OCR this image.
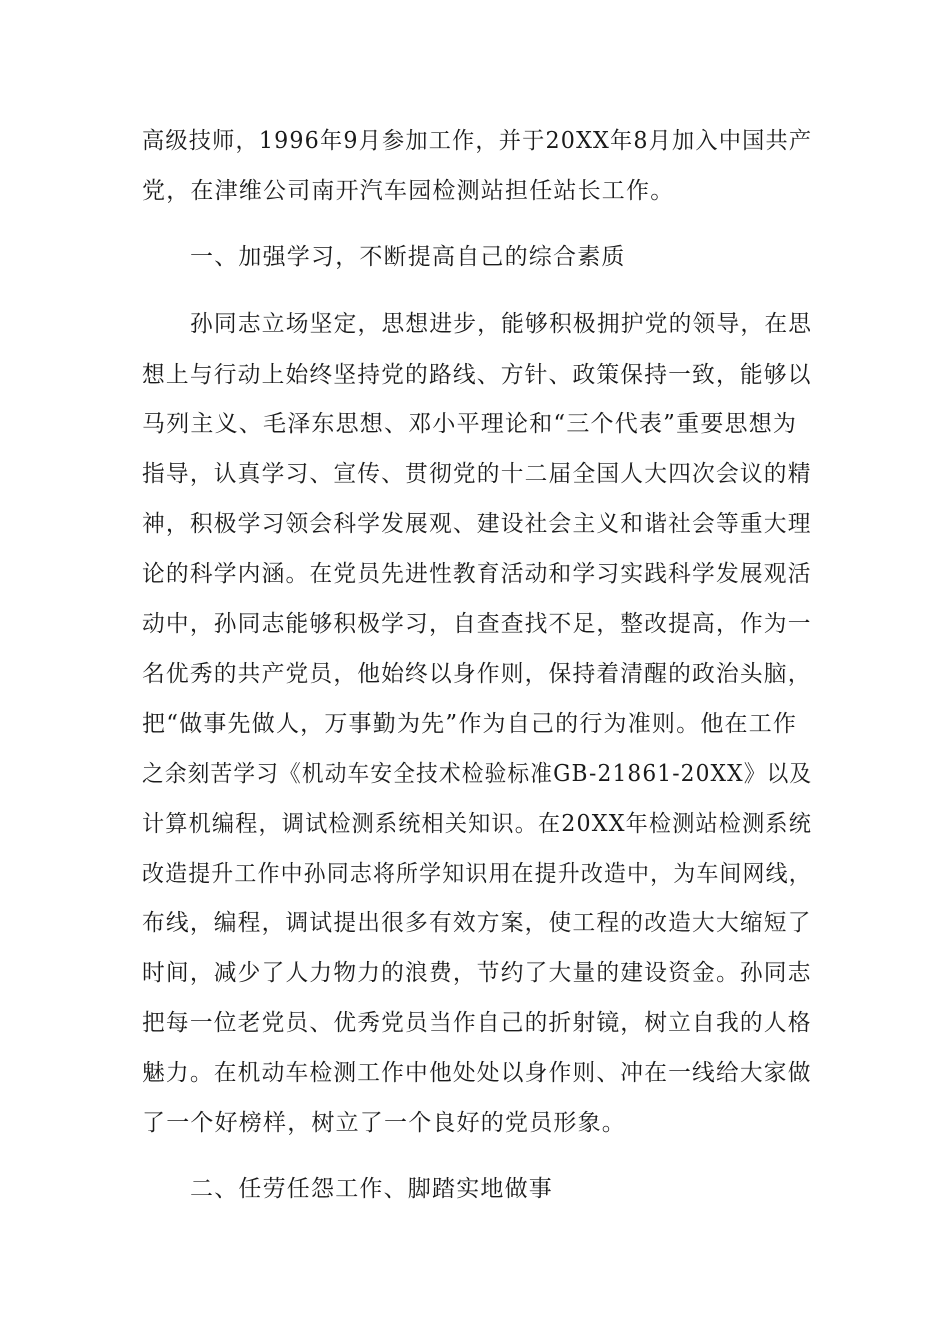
高级技师，1996年9月参加工作，并于20XX年8月加入中国共产
党，在津维公司南开汽车园检测站担任站长工作。
一、加强学习，不断提高自己的综合素质
孙同志立场坚定，思想进步，能够积极拥护党的领导，在思
想上与行动上始终坚持党的路线、方针、政策保持一致，能够以
马列主义、毛泽东思想、邓小平理论和“三个代表”重要思想为
指导，认真学习、宣传、贯彻党的十二届全国人大四次会议的精
神，积极学习领会科学发展观、建设社会主义和谐社会等重大理
论的科学内涵。在党员先进性教育活动和学习实践科学发展观活
动中，孙同志能够积极学习，自查查找不足，整改提高，作为一
名优秀的共产党员，他始终以身作则，保持着清醒的政治头脑，
把“做事先做人，万事勤为先”作为自己的行为准则。他在工作
之余刻苦学习《机动车安全技术检验标准GB-21861-20XX》以及
计算机编程，调试检测系统相关知识。在20XX年检测站检测系统
改造提升工作中孙同志将所学知识用在提升改造中，为车间网线，
布线，编程，调试提出很多有效方案，使工程的改造大大缩短了
时间，减少了人力物力的浪费，节约了大量的建设资金。孙同志
把每一位老党员、优秀党员当作自己的折射镜，树立自我的人格
魅力。在机动车检测工作中他处处以身作则、冲在一线给大家做
了一个好榜样，树立了一个良好的党员形象。
二、任劳任怨工作、脚踏实地做事
